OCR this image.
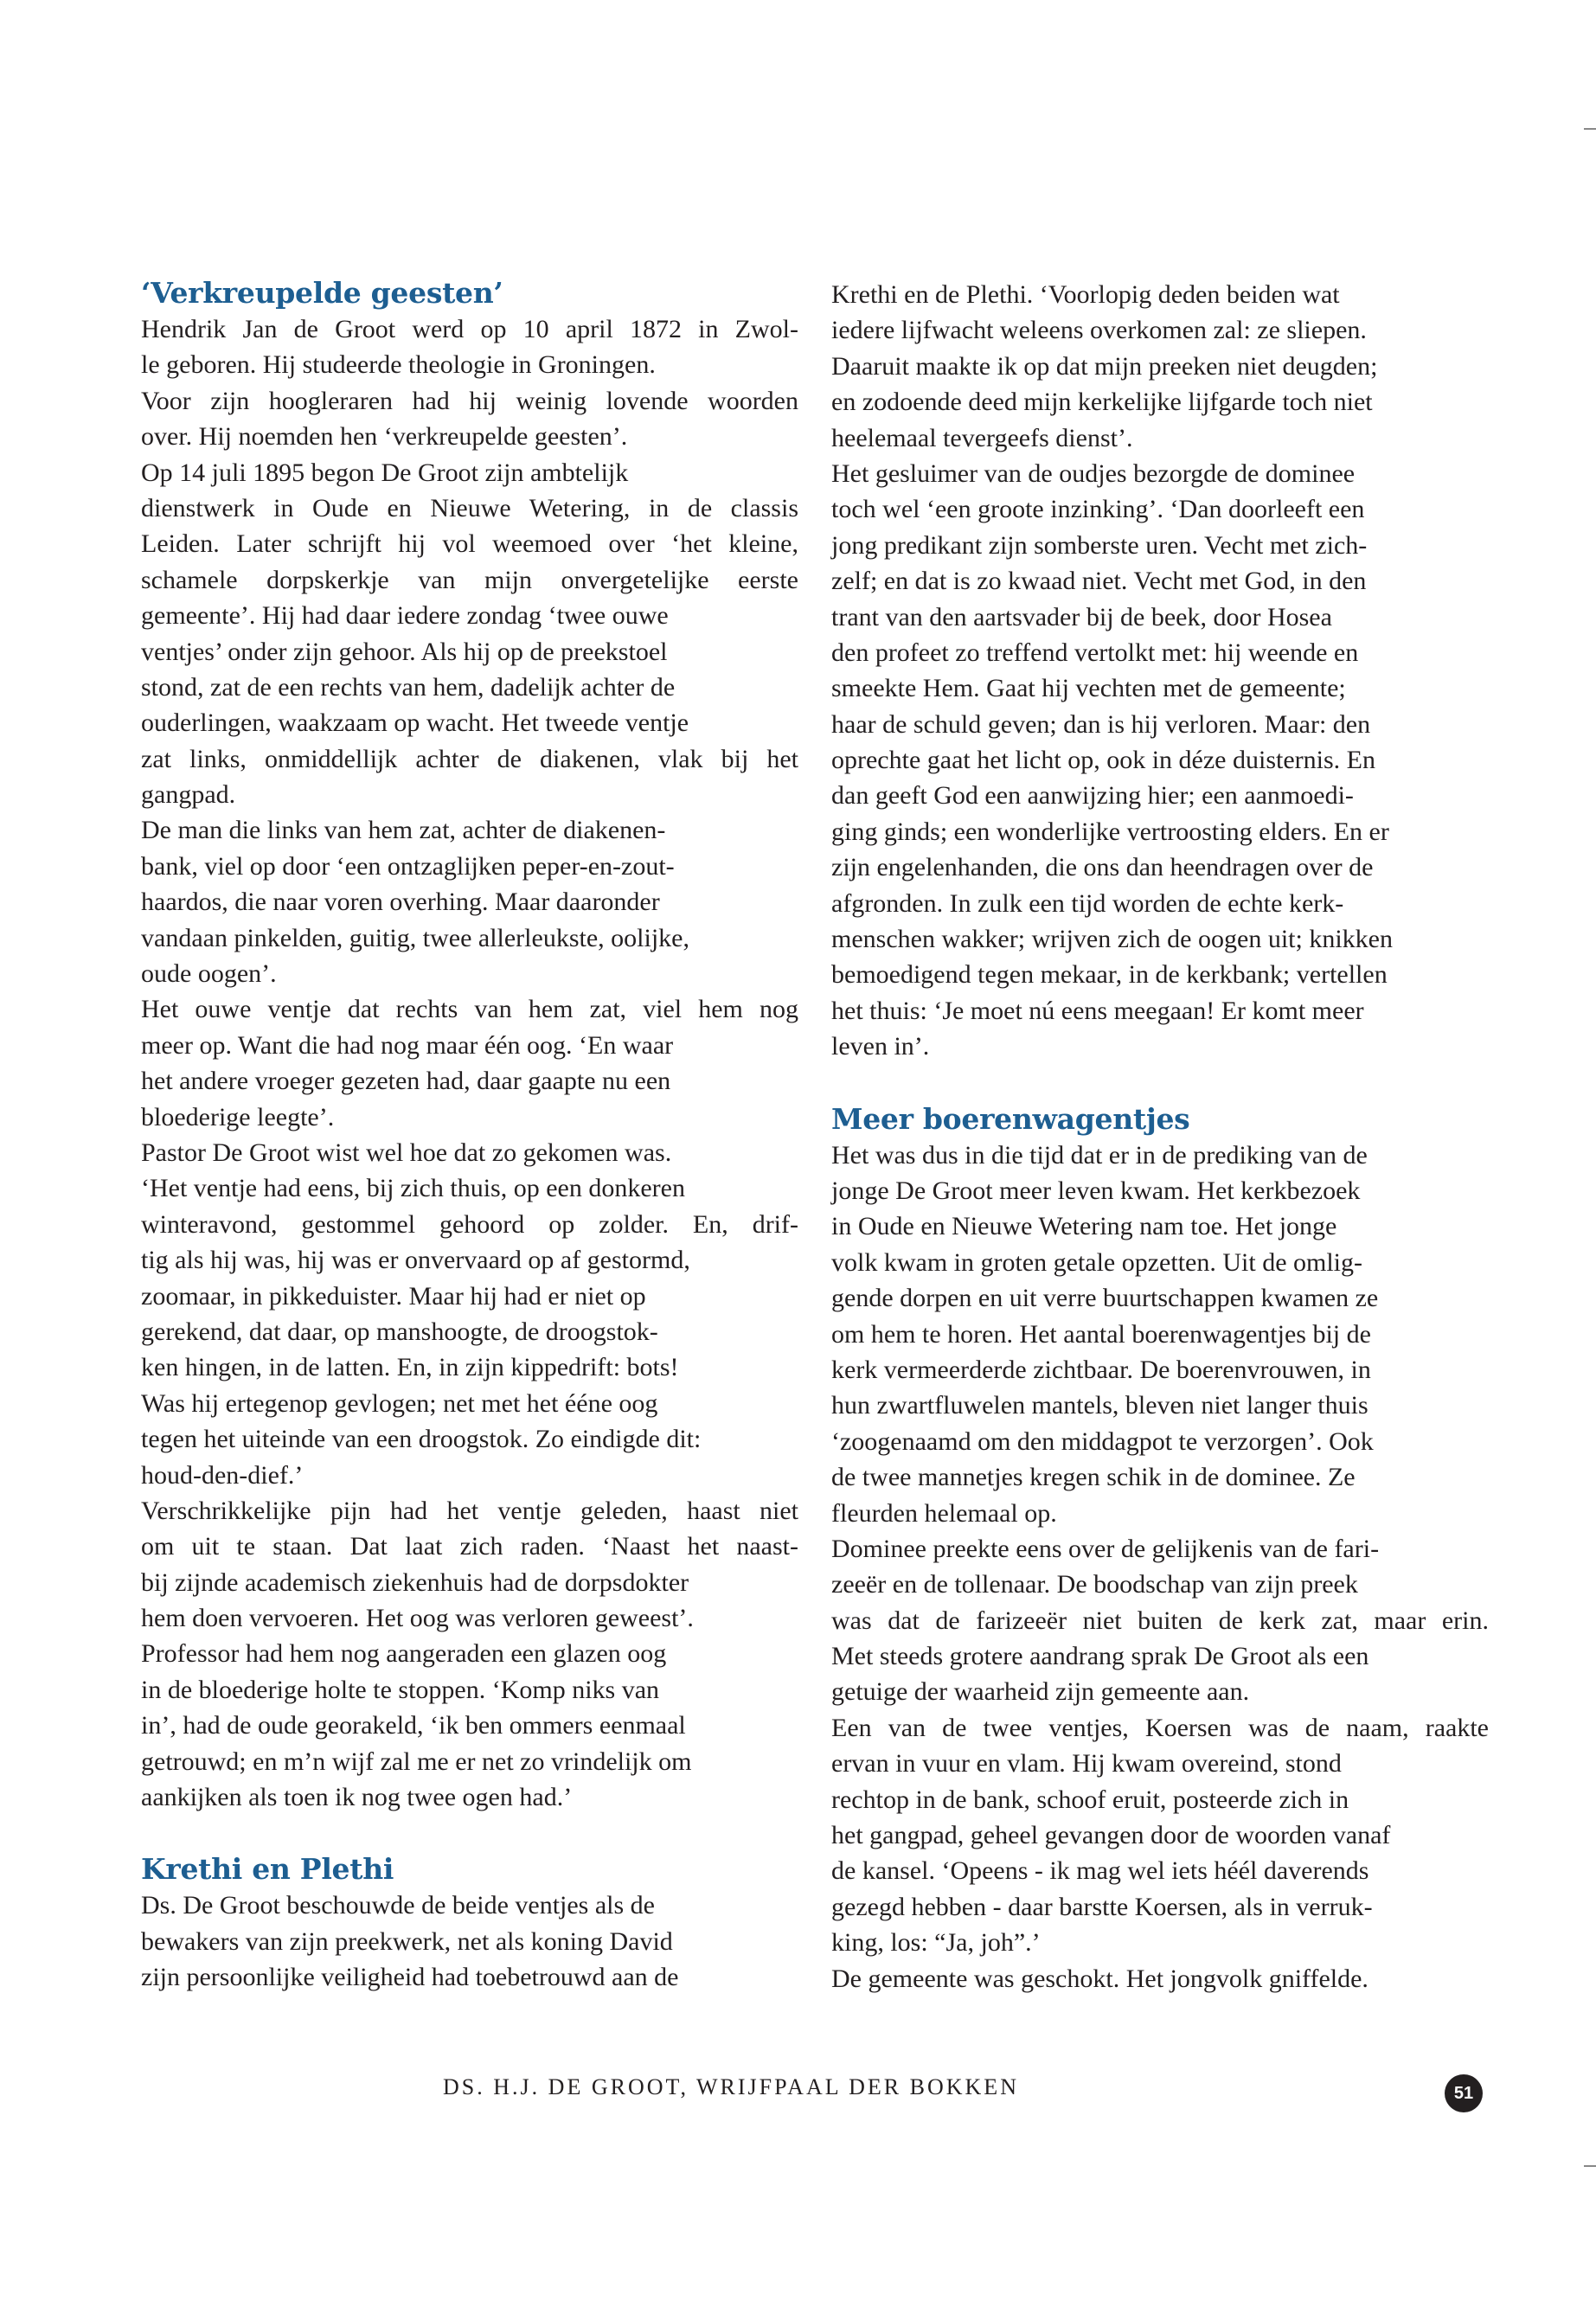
‘Verkreupelde geesten’
Hendrik Jan de Groot werd op 10 april 1872 in Zwol-
le geboren. Hij studeerde theologie in Groningen.
Voor zijn hoogleraren had hij weinig lovende woorden
over. Hij noemden hen ‘verkreupelde geesten’.
Op 14 juli 1895 begon De Groot zijn ambtelijk
dienstwerk in Oude en Nieuwe Wetering, in de classis
Leiden. Later schrijft hij vol weemoed over ‘het kleine,
schamele dorpskerkje van mijn onvergetelijke eerste
gemeente’. Hij had daar iedere zondag ‘twee ouwe
ventjes’ onder zijn gehoor. Als hij op de preekstoel
stond, zat de een rechts van hem, dadelijk achter de
ouderlingen, waakzaam op wacht. Het tweede ventje
zat links, onmiddellijk achter de diakenen, vlak bij het
gangpad.
De man die links van hem zat, achter de diakenen-
bank, viel op door ‘een ontzaglijken peper-en-zout-
haardos, die naar voren overhing. Maar daaronder
vandaan pinkelden, guitig, twee allerleukste, oolijke,
oude oogen’.
Het ouwe ventje dat rechts van hem zat, viel hem nog
meer op. Want die had nog maar één oog. ‘En waar
het andere vroeger gezeten had, daar gaapte nu een
bloederige leegte’.
Pastor De Groot wist wel hoe dat zo gekomen was.
‘Het ventje had eens, bij zich thuis, op een donkeren
winteravond, gestommel gehoord op zolder. En, drif-
tig als hij was, hij was er onvervaard op af gestormd,
zoomaar, in pikkeduister. Maar hij had er niet op
gerekend, dat daar, op manshoogte, de droogstok-
ken hingen, in de latten. En, in zijn kippedrift: bots!
Was hij ertegenop gevlogen; net met het éénе oog
tegen het uiteinde van een droogstok. Zo eindigde dit:
houd-den-dief.’
Verschrikkelijke pijn had het ventje geleden, haast niet
om uit te staan. Dat laat zich raden. ‘Naast het naast-
bij zijnde academisch ziekenhuis had de dorpsdokter
hem doen vervoeren. Het oog was verloren geweest’.
Professor had hem nog aangeraden een glazen oog
in de bloederige holte te stoppen. ‘Komp niks van
in’, had de oude georakeld, ‘ik ben ommers eenmaal
getrouwd; en m’n wijf zal me er net zo vrindelijk om
aankijken als toen ik nog twee ogen had.’
Krethi en Plethi
Ds. De Groot beschouwde de beide ventjes als de
bewakers van zijn preekwerk, net als koning David
zijn persoonlijke veiligheid had toebetrouwd aan de
Krethi en de Plethi. ‘Voorlopig deden beiden wat
iedere lijfwacht weleens overkomen zal: ze sliepen.
Daaruit maakte ik op dat mijn preeken niet deugden;
en zodoende deed mijn kerkelijke lijfgarde toch niet
heelemaal tevergeefs dienst’.
Het gesluimer van de oudjes bezorgde de dominee
toch wel ‘een groote inzinking’. ‘Dan doorleeft een
jong predikant zijn somberste uren. Vecht met zich-
zelf; en dat is zo kwaad niet. Vecht met God, in den
trant van den aartsvader bij de beek, door Hosea
den profeet zo treffend vertolkt met: hij weende en
smeekte Hem. Gaat hij vechten met de gemeente;
haar de schuld geven; dan is hij verloren. Maar: den
oprechte gaat het licht op, ook in déze duisternis. En
dan geeft God een aanwijzing hier; een aanmoedi-
ging ginds; een wonderlijke vertroosting elders. En er
zijn engelenhanden, die ons dan heendragen over de
afgronden. In zulk een tijd worden de echte kerk-
menschen wakker; wrijven zich de oogen uit; knikken
bemoedigend tegen mekaar, in de kerkbank; vertellen
het thuis: ‘Je moet nú eens meegaan! Er komt meer
leven in’.
Meer boerenwagentjes
Het was dus in die tijd dat er in de prediking van de
jonge De Groot meer leven kwam. Het kerkbezoek
in Oude en Nieuwe Wetering nam toe. Het jonge
volk kwam in groten getale opzetten. Uit de omlig-
gende dorpen en uit verre buurtschappen kwamen ze
om hem te horen. Het aantal boerenwagentjes bij de
kerk vermeerderde zichtbaar. De boerenvrouwen, in
hun zwartfluwelen mantels, bleven niet langer thuis
‘zoogenaamd om den middagpot te verzorgen’. Ook
de twee mannetjes kregen schik in de dominee. Ze
fleurden helemaal op.
Dominee preekte eens over de gelijkenis van de fari-
zeeër en de tollenaar. De boodschap van zijn preek
was dat de farizeeër niet buiten de kerk zat, maar erin.
Met steeds grotere aandrang sprak De Groot als een
getuige der waarheid zijn gemeente aan.
Een van de twee ventjes, Koersen was de naam, raakte
ervan in vuur en vlam. Hij kwam overeind, stond
rechtop in de bank, schoof eruit, posteerde zich in
het gangpad, geheel gevangen door de woorden vanaf
de kansel. ‘Opeens - ik mag wel iets héél daverends
gezegd hebben - daar barstte Koersen, als in verruk-
king, los: “Ja, joh”.’
De gemeente was geschokt. Het jongvolk gniffelde.
DS. H.J. DE GROOT, WRIJFPAAL DER BOKKEN	51
